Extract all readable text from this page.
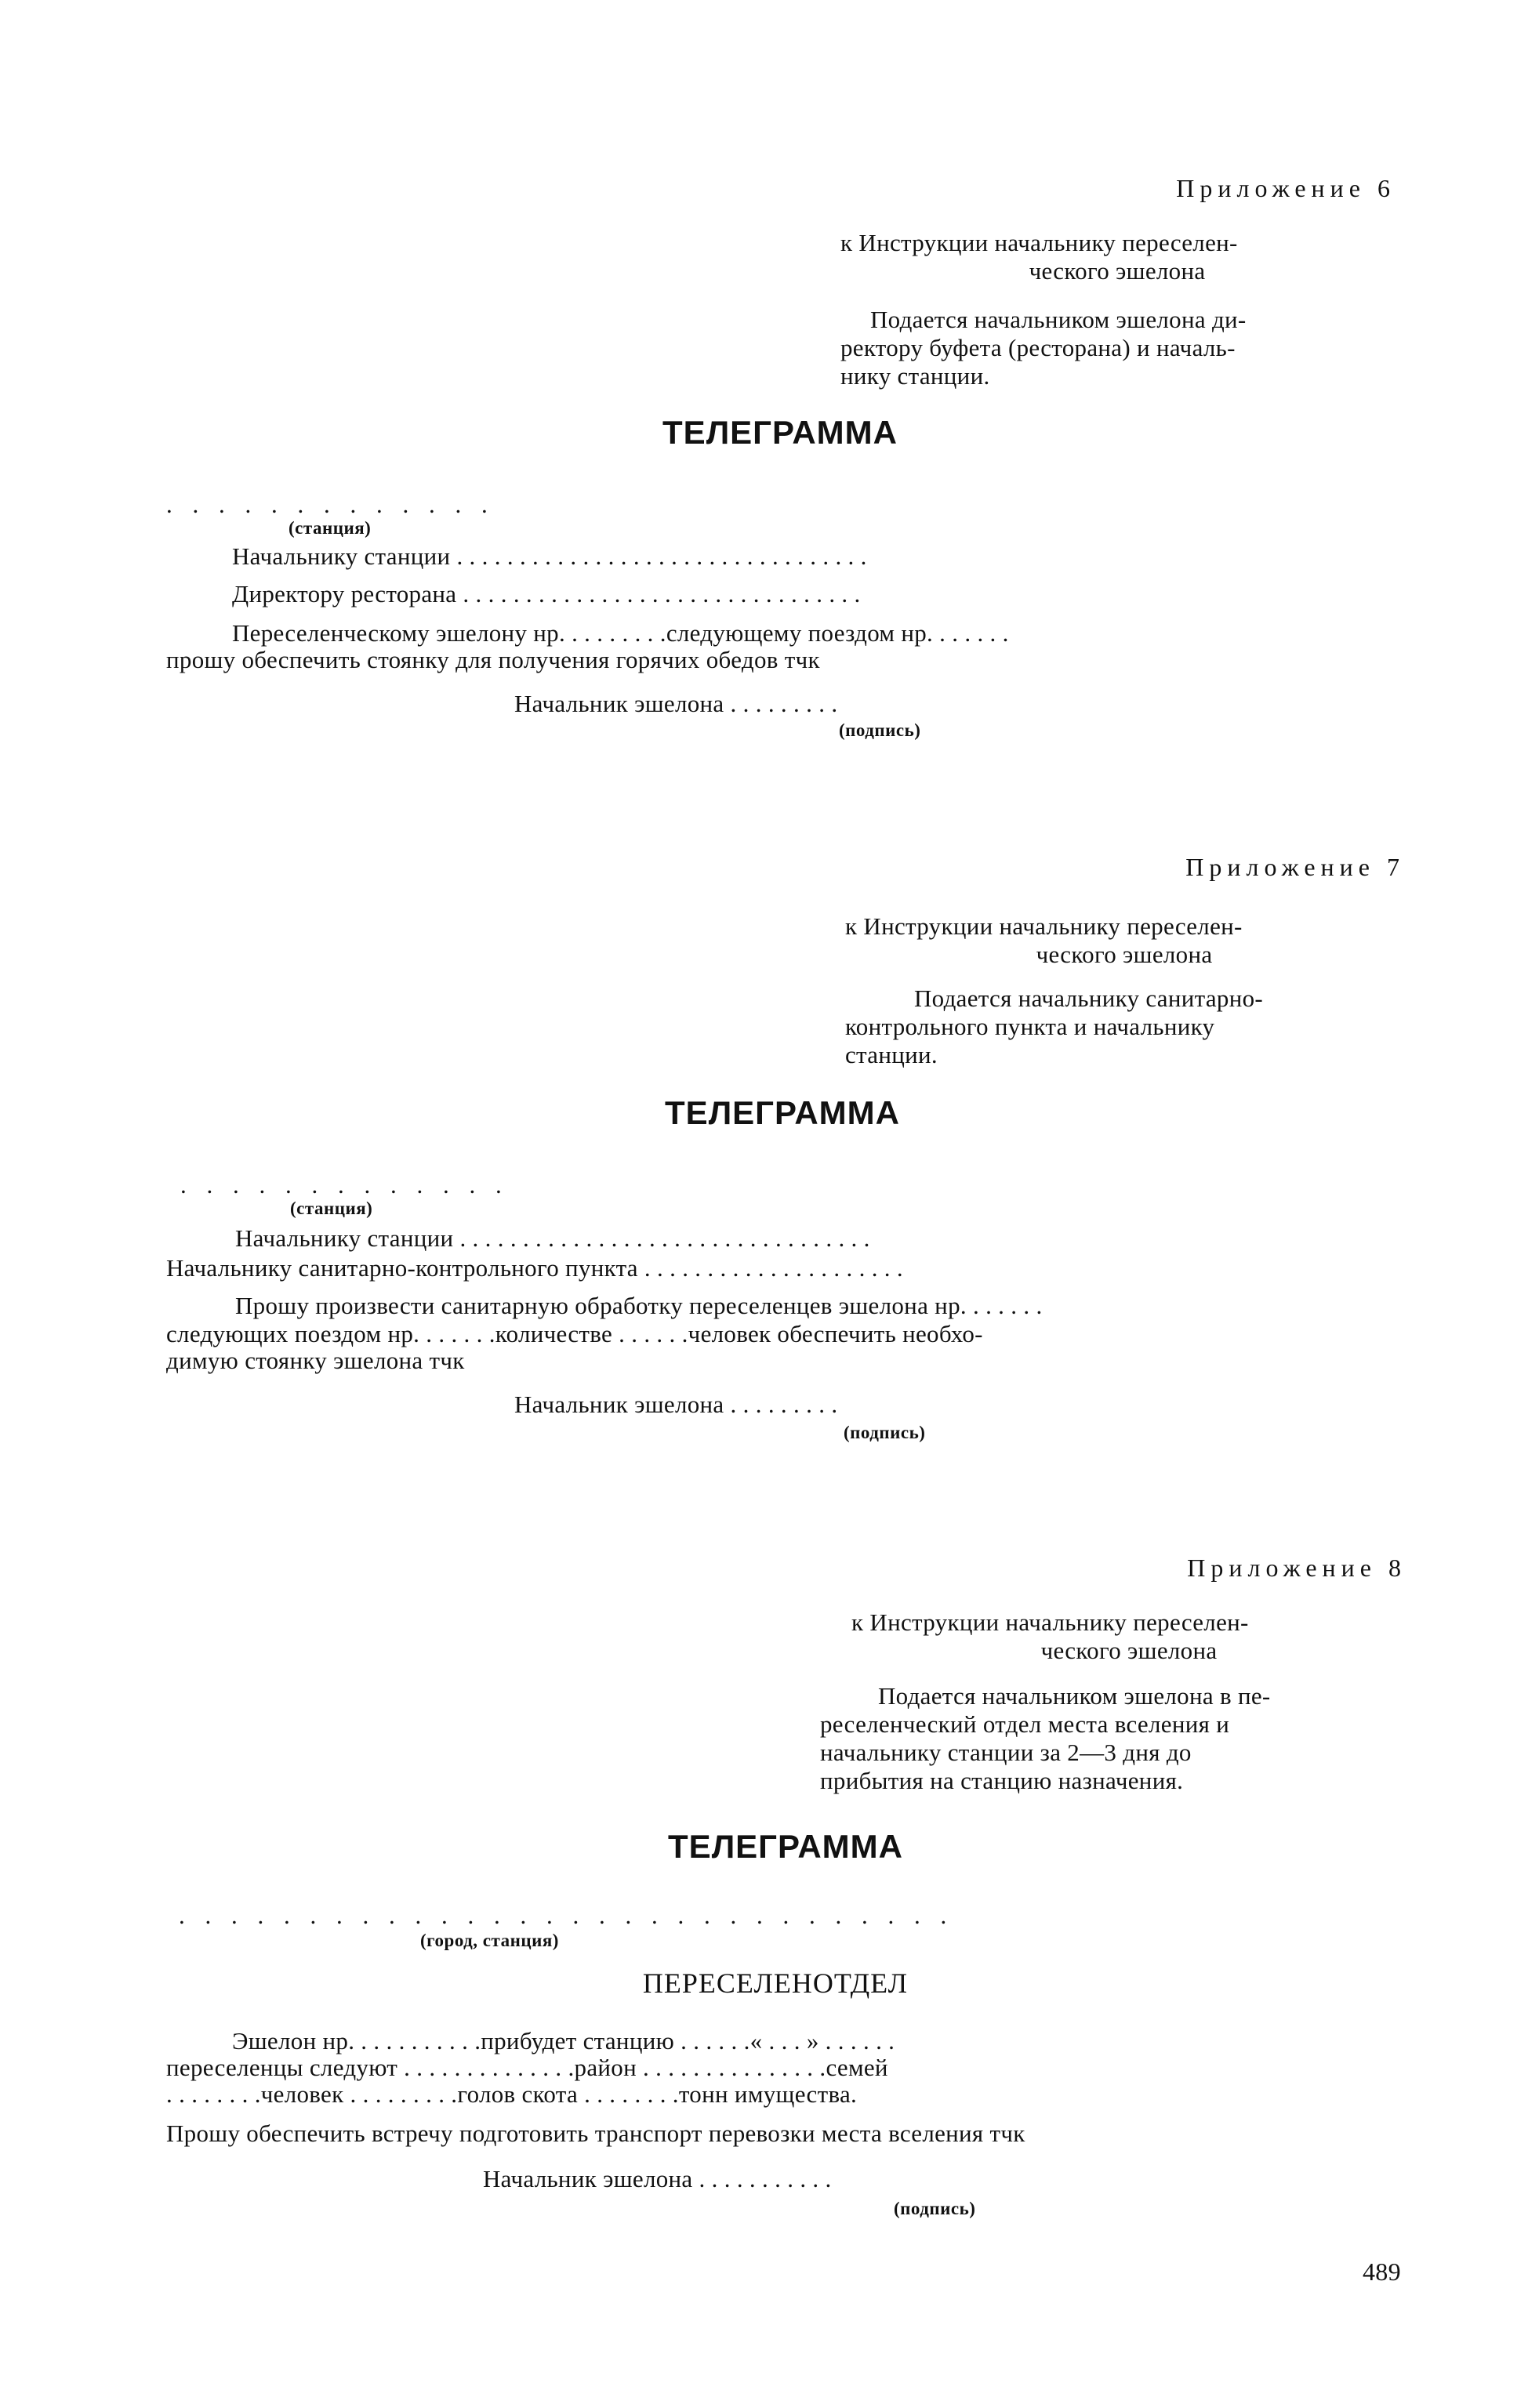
Приложение 6

к Инструкции начальнику переселен-

ческого эшелона

Подается начальником эшелона ди-

ректору буфета (ресторана) и началь-

нику станции.

ТЕЛЕГРАММА

. . . . . . . . . . . . .

(станция)

Начальнику станции . . . . . . . . . . . . . . . . . . . . . . . . . . . . . . . . .

Директору ресторана . . . . . . . . . . . . . . . . . . . . . . . . . . . . . . . .

Переселенческому эшелону нр. . . . . . . . .следующему поездом нр. . . . . . .

прошу обеспечить стоянку для получения горячих обедов тчк

Начальник эшелона . . . . . . . . .

(подпись)

Приложение 7

к Инструкции начальнику переселен-

ческого эшелона

Подается начальнику санитарно-

контрольного пункта и начальнику

станции.

ТЕЛЕГРАММА

. . . . . . . . . . . . .

(станция)

Начальнику станции . . . . . . . . . . . . . . . . . . . . . . . . . . . . . . . . .

Начальнику санитарно-контрольного пункта . . . . . . . . . . . . . . . . . . . . .

Прошу произвести санитарную обработку переселенцев эшелона нр. . . . . . .

следующих поездом нр. . . . . . .количестве . . . . . .человек обеспечить необхо-

димую стоянку эшелона тчк

Начальник эшелона . . . . . . . . .

(подпись)

Приложение 8

к Инструкции начальнику переселен-

ческого эшелона

Подается начальником эшелона в пе-

реселенческий отдел места вселения и

начальнику станции за 2—3 дня до

прибытия на станцию назначения.

ТЕЛЕГРАММА

. . . . . . . . . . . . . . . . . . . . . . . . . . . . . .

(город, станция)

ПЕРЕСЕЛЕНОТДЕЛ

Эшелон нр. . . . . . . . . . .прибудет станцию . . . . . .« . . . » . . . . . .

переселенцы следуют . . . . . . . . . . . . . .район . . . . . . . . . . . . . . .семей

. . . . . . . .человек . . . . . . . . .голов скота . . . . . . . .тонн имущества.

Прошу обеспечить встречу подготовить транспорт перевозки места вселения тчк

Начальник эшелона . . . . . . . . . . .

(подпись)

489
